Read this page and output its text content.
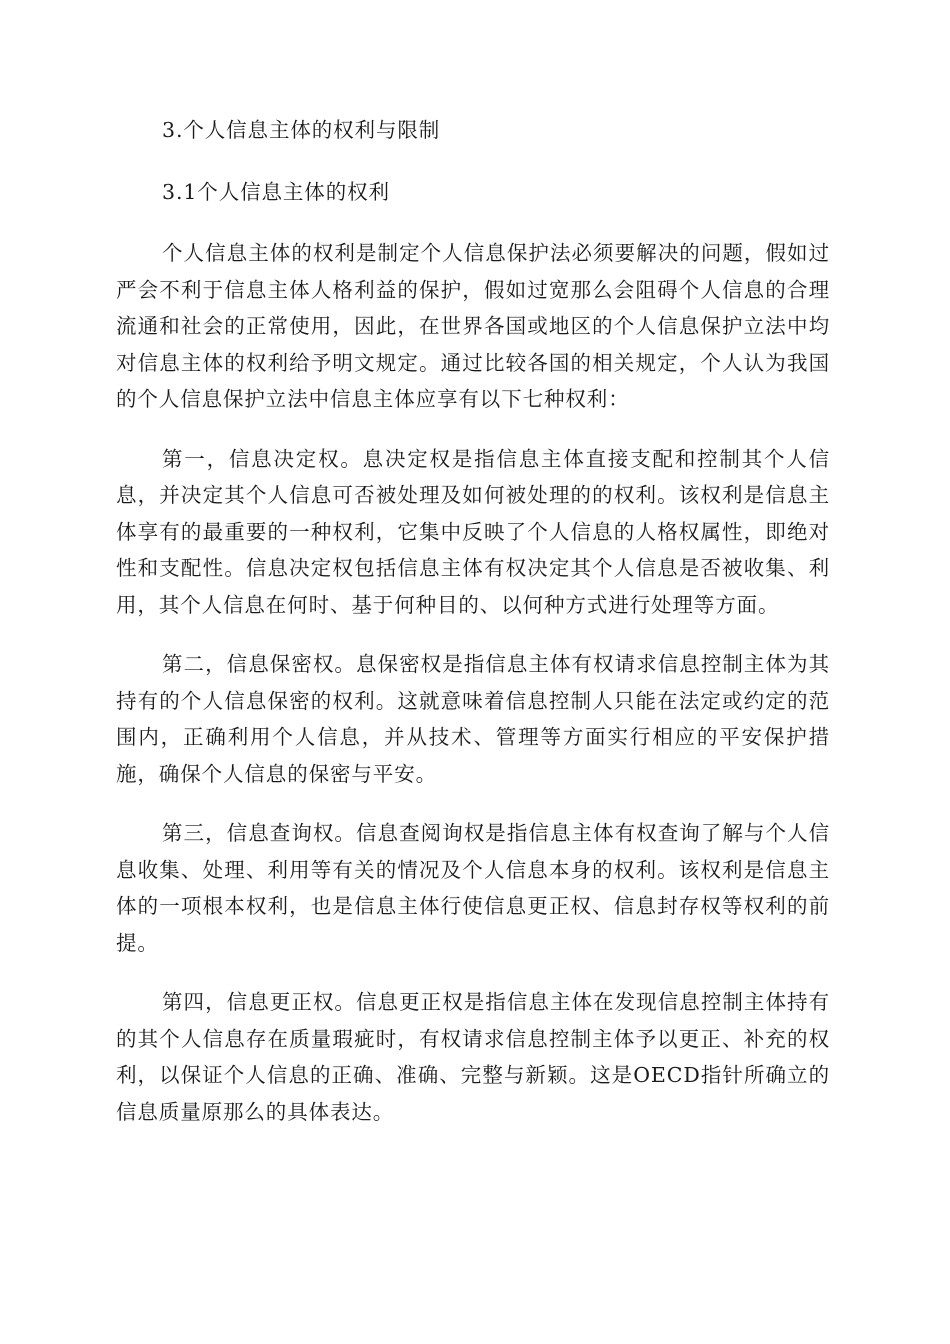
3.个人信息主体的权利与限制

3.1个人信息主体的权利

个人信息主体的权利是制定个人信息保护法必须要解决的问题，假如过严会不利于信息主体人格利益的保护，假如过宽那么会阻碍个人信息的合理流通和社会的正常使用，因此，在世界各国或地区的个人信息保护立法中均对信息主体的权利给予明文规定。通过比较各国的相关规定，个人认为我国的个人信息保护立法中信息主体应享有以下七种权利：

第一，信息决定权。息决定权是指信息主体直接支配和控制其个人信息，并决定其个人信息可否被处理及如何被处理的的权利。该权利是信息主体享有的最重要的一种权利，它集中反映了个人信息的人格权属性，即绝对性和支配性。信息决定权包括信息主体有权决定其个人信息是否被收集、利用，其个人信息在何时、基于何种目的、以何种方式进行处理等方面。

第二，信息保密权。息保密权是指信息主体有权请求信息控制主体为其持有的个人信息保密的权利。这就意味着信息控制人只能在法定或约定的范围内，正确利用个人信息，并从技术、管理等方面实行相应的平安保护措施，确保个人信息的保密与平安。

第三，信息查询权。信息查阅询权是指信息主体有权查询了解与个人信息收集、处理、利用等有关的情况及个人信息本身的权利。该权利是信息主体的一项根本权利，也是信息主体行使信息更正权、信息封存权等权利的前提。

第四，信息更正权。信息更正权是指信息主体在发现信息控制主体持有的其个人信息存在质量瑕疵时，有权请求信息控制主体予以更正、补充的权利，以保证个人信息的正确、准确、完整与新颖。这是OECD指针所确立的信息质量原那么的具体表达。
